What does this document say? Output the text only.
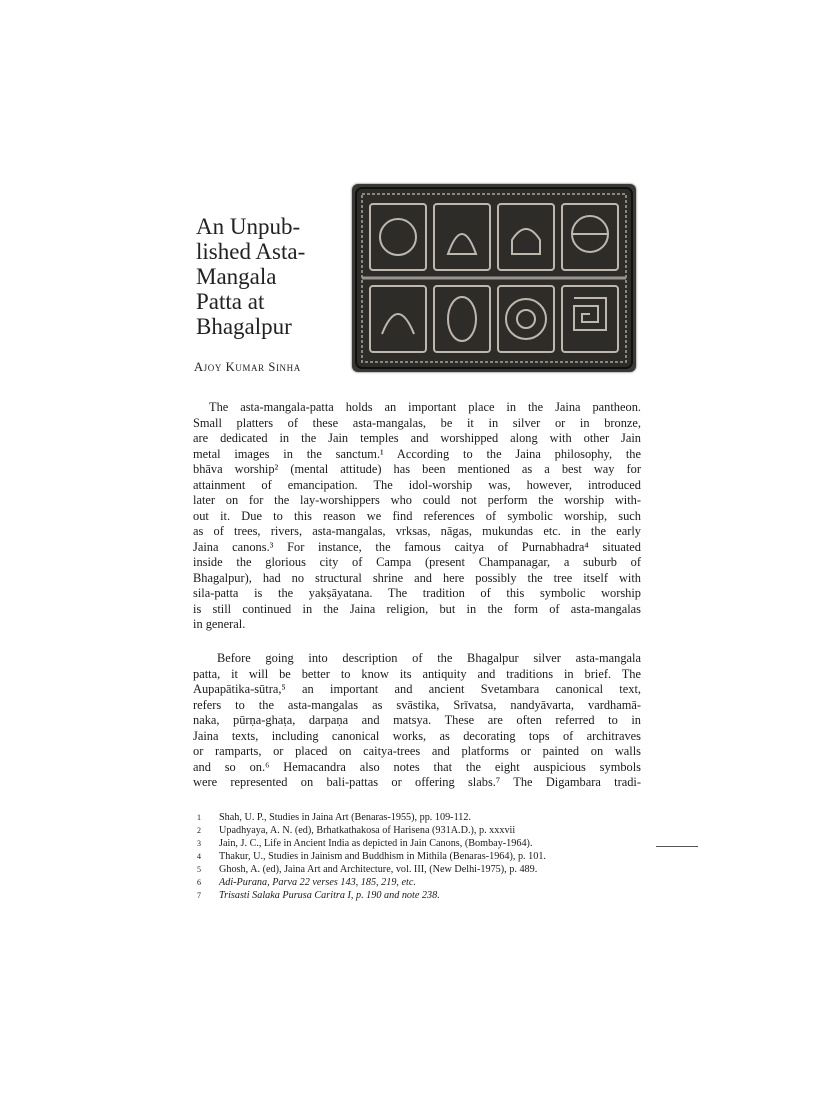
An Unpub-
lished Asta-
Mangala
Patta at
Bhagalpur
Ajoy Kumar Sinha
The asta-mangala-patta holds an important place in the Jaina pantheon.
Small platters of these asta-mangalas, be it in silver or in bronze,
are dedicated in the Jain temples and worshipped along with other Jain
metal images in the sanctum.¹ According to the Jaina philosophy, the
bhāva worship² (mental attitude) has been mentioned as a best way for
attainment of emancipation. The idol-worship was, however, introduced
later on for the lay-worshippers who could not perform the worship with-
out it. Due to this reason we find references of symbolic worship, such
as of trees, rivers, asta-mangalas, vrksas, nāgas, mukundas etc. in the early
Jaina canons.³ For instance, the famous caitya of Purnabhadra⁴ situated
inside the glorious city of Campa (present Champanagar, a suburb of
Bhagalpur), had no structural shrine and here possibly the tree itself with
sila-patta is the yakṣāyatana. The tradition of this symbolic worship
is still continued in the Jaina religion, but in the form of asta-mangalas
in general.
Before going into description of the Bhagalpur silver asta-mangala
patta, it will be better to know its antiquity and traditions in brief. The
Aupapātika-sūtra,⁵ an important and ancient Svetambara canonical text,
refers to the asta-mangalas as svāstika, Srīvatsa, nandyāvarta, vardhamā-
naka, pūrṇa-ghaṭa, darpaṇa and matsya. These are often referred to in
Jaina texts, including canonical works, as decorating tops of architraves
or ramparts, or placed on caitya-trees and platforms or painted on walls
and so on.⁶ Hemacandra also notes that the eight auspicious symbols
were represented on bali-pattas or offering slabs.⁷ The Digambara tradi-
1	Shah, U. P., Studies in Jaina Art (Benaras-1955), pp. 109-112.
2	Upadhyaya, A. N. (ed), Brhatkathakosa of Harisena (931A.D.), p. xxxvii
3	Jain, J. C., Life in Ancient India as depicted in Jain Canons, (Bombay-1964).
4	Thakur, U., Studies in Jainism and Buddhism in Mithila (Benaras-1964), p. 101.
5	Ghosh, A. (ed), Jaina Art and Architecture, vol. III, (New Delhi-1975), p. 489.
6	Adi-Purana, Parva 22 verses 143, 185, 219, etc.
7	Trisasti Salaka Purusa Caritra I, p. 190 and note 238.
